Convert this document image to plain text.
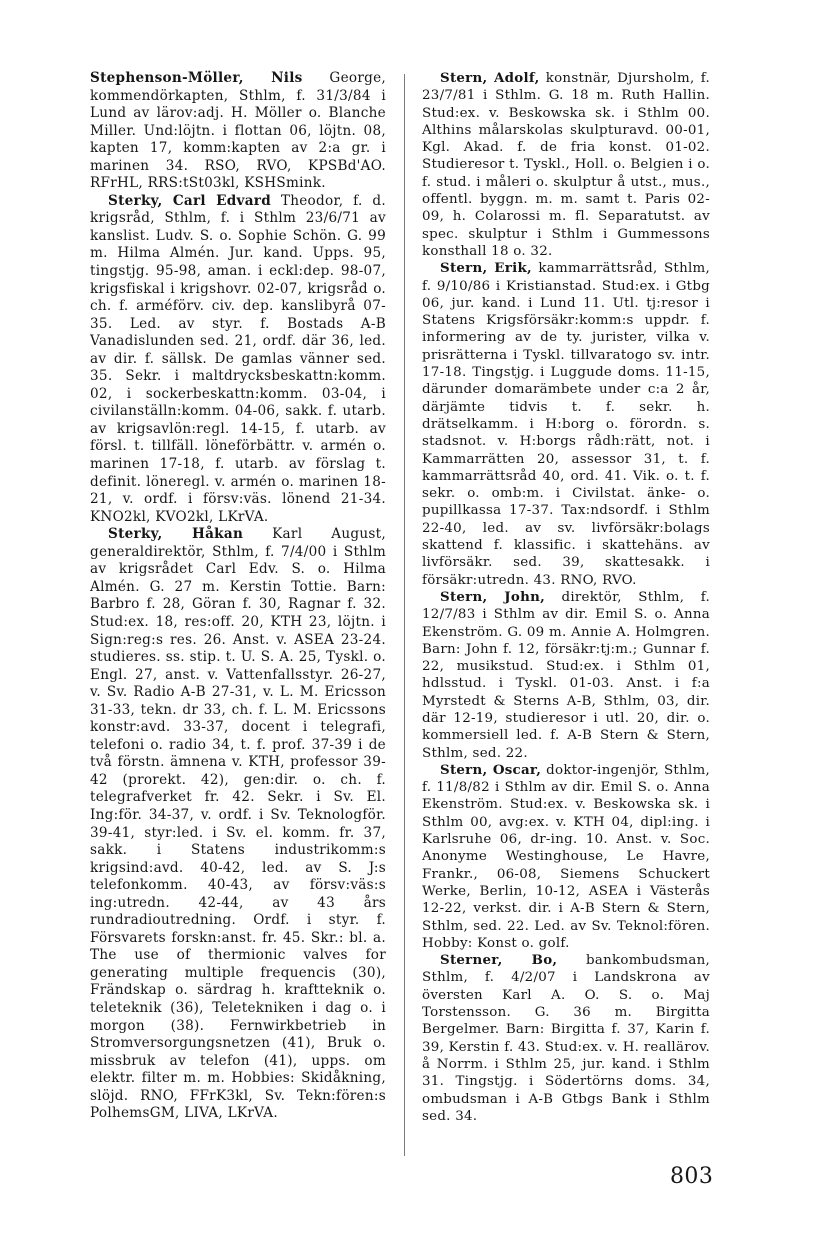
Stephenson-Möller, Nils George, kommendörkapten, Sthlm, f. 31/3/84 i Lund av lärov:adj. H. Möller o. Blanche Miller. Und:löjtn. i flottan 06, löjtn. 08, kapten 17, komm:kapten av 2:a gr. i marinen 34. RSO, RVO, KPSBd'AO. RFrHL, RRS:tSt03kl, KSHSmink.

Sterky, Carl Edvard Theodor, f. d. krigsråd, Sthlm, f. i Sthlm 23/6/71 av kanslist. Ludv. S. o. Sophie Schön. G. 99 m. Hilma Almén. Jur. kand. Upps. 95, tingstjg. 95-98, aman. i eckl:dep. 98-07, krigsfiskal i krigshovr. 02-07, krigsråd o. ch. f. arméförv. civ. dep. kanslibyrå 07-35. Led. av styr. f. Bostads A-B Vanadislunden sed. 21, ordf. där 36, led. av dir. f. sällsk. De gamlas vänner sed. 35. Sekr. i maltdrycksbeskattn:komm. 02, i sockerbeskattn:komm. 03-04, i civilanställn:komm. 04-06, sakk. f. utarb. av krigsavlön:regl. 14-15, f. utarb. av försl. t. tillfäll. löneförbättr. v. armén o. marinen 17-18, f. utarb. av förslag t. definit. löneregl. v. armén o. marinen 18-21, v. ordf. i försv:väs. lönend 21-34. KNO2kl, KVO2kl, LKrVA.

Sterky, Håkan Karl August, generaldirektör, Sthlm, f. 7/4/00 i Sthlm av krigsrådet Carl Edv. S. o. Hilma Almén. G. 27 m. Kerstin Tottie. Barn: Barbro f. 28, Göran f. 30, Ragnar f. 32. Stud:ex. 18, res:off. 20, KTH 23, löjtn. i Sign:reg:s res. 26. Anst. v. ASEA 23-24. studieres. ss. stip. t. U. S. A. 25, Tyskl. o. Engl. 27, anst. v. Vattenfallsstyr. 26-27, v. Sv. Radio A-B 27-31, v. L. M. Ericsson 31-33, tekn. dr 33, ch. f. L. M. Ericssons konstr:avd. 33-37, docent i telegrafi, telefoni o. radio 34, t. f. prof. 37-39 i de två förstn. ämnena v. KTH, professor 39-42 (prorekt. 42), gen:dir. o. ch. f. telegrafverket fr. 42. Sekr. i Sv. El. Ing:för. 34-37, v. ordf. i Sv. Teknologför. 39-41, styr:led. i Sv. el. komm. fr. 37, sakk. i Statens industrikomm:s krigsind:avd. 40-42, led. av S. J:s telefonkomm. 40-43, av försv:väs:s ing:utredn. 42-44, av 43 års rundradioutredning. Ordf. i styr. f. Försvarets forskn:anst. fr. 45. Skr.: bl. a. The use of thermionic valves for generating multiple frequencis (30), Frändskap o. särdrag h. kraftteknik o. teleteknik (36), Teletekniken i dag o. i morgon (38). Fernwirkbetrieb in Stromversorgungsnetzen (41), Bruk o. missbruk av telefon (41), upps. om elektr. filter m. m. Hobbies: Skidåkning, slöjd. RNO, FFrK3kl, Sv. Tekn:fören:s PolhemsGM, LIVA, LKrVA.

Stern, Adolf, konstnär, Djursholm, f. 23/7/81 i Sthlm. G. 18 m. Ruth Hallin. Stud:ex. v. Beskowska sk. i Sthlm 00. Althins målarskolas skulpturavd. 00-01, Kgl. Akad. f. de fria konst. 01-02. Studieresor t. Tyskl., Holl. o. Belgien i o. f. stud. i måleri o. skulptur å utst., mus., offentl. byggn. m. m. samt t. Paris 02-09, h. Colarossi m. fl. Separatutst. av spec. skulptur i Sthlm i Gummessons konsthall 18 o. 32.

Stern, Erik, kammarrättsråd, Sthlm, f. 9/10/86 i Kristianstad. Stud:ex. i Gtbg 06, jur. kand. i Lund 11. Utl. tj:resor i Statens Krigsförsäkr:komm:s uppdr. f. informering av de ty. jurister, vilka v. prisrätterna i Tyskl. tillvaratogo sv. intr. 17-18. Tingstjg. i Luggude doms. 11-15, därunder domarämbete under c:a 2 år, därjämte tidvis t. f. sekr. h. drätselkamm. i H:borg o. förordn. s. stadsnot. v. H:borgs rådh:rätt, not. i Kammarrätten 20, assessor 31, t. f. kammarrättsråd 40, ord. 41. Vik. o. t. f. sekr. o. omb:m. i Civilstat. änke- o. pupillkassa 17-37. Tax:ndsordf. i Sthlm 22-40, led. av sv. livförsäkr:bolags skattend f. klassific. i skattehäns. av livförsäkr. sed. 39, skattesakk. i försäkr:utredn. 43. RNO, RVO.

Stern, John, direktör, Sthlm, f. 12/7/83 i Sthlm av dir. Emil S. o. Anna Ekenström. G. 09 m. Annie A. Holmgren. Barn: John f. 12, försäkr:tj:m.; Gunnar f. 22, musikstud. Stud:ex. i Sthlm 01, hdlsstud. i Tyskl. 01-03. Anst. i f:a Myrstedt & Sterns A-B, Sthlm, 03, dir. där 12-19, studieresor i utl. 20, dir. o. kommersiell led. f. A-B Stern & Stern, Sthlm, sed. 22.

Stern, Oscar, doktor-ingenjör, Sthlm, f. 11/8/82 i Sthlm av dir. Emil S. o. Anna Ekenström. Stud:ex. v. Beskowska sk. i Sthlm 00, avg:ex. v. KTH 04, dipl:ing. i Karlsruhe 06, dr-ing. 10. Anst. v. Soc. Anonyme Westinghouse, Le Havre, Frankr., 06-08, Siemens Schuckert Werke, Berlin, 10-12, ASEA i Västerås 12-22, verkst. dir. i A-B Stern & Stern, Sthlm, sed. 22. Led. av Sv. Teknol:fören. Hobby: Konst o. golf.

Sterner, Bo, bankombudsman, Sthlm, f. 4/2/07 i Landskrona av översten Karl A. O. S. o. Maj Torstensson. G. 36 m. Birgitta Bergelmer. Barn: Birgitta f. 37, Karin f. 39, Kerstin f. 43. Stud:ex. v. H. reallärov. å Norrm. i Sthlm 25, jur. kand. i Sthlm 31. Tingstjg. i Södertörns doms. 34, ombudsman i A-B Gtbgs Bank i Sthlm sed. 34.

803
